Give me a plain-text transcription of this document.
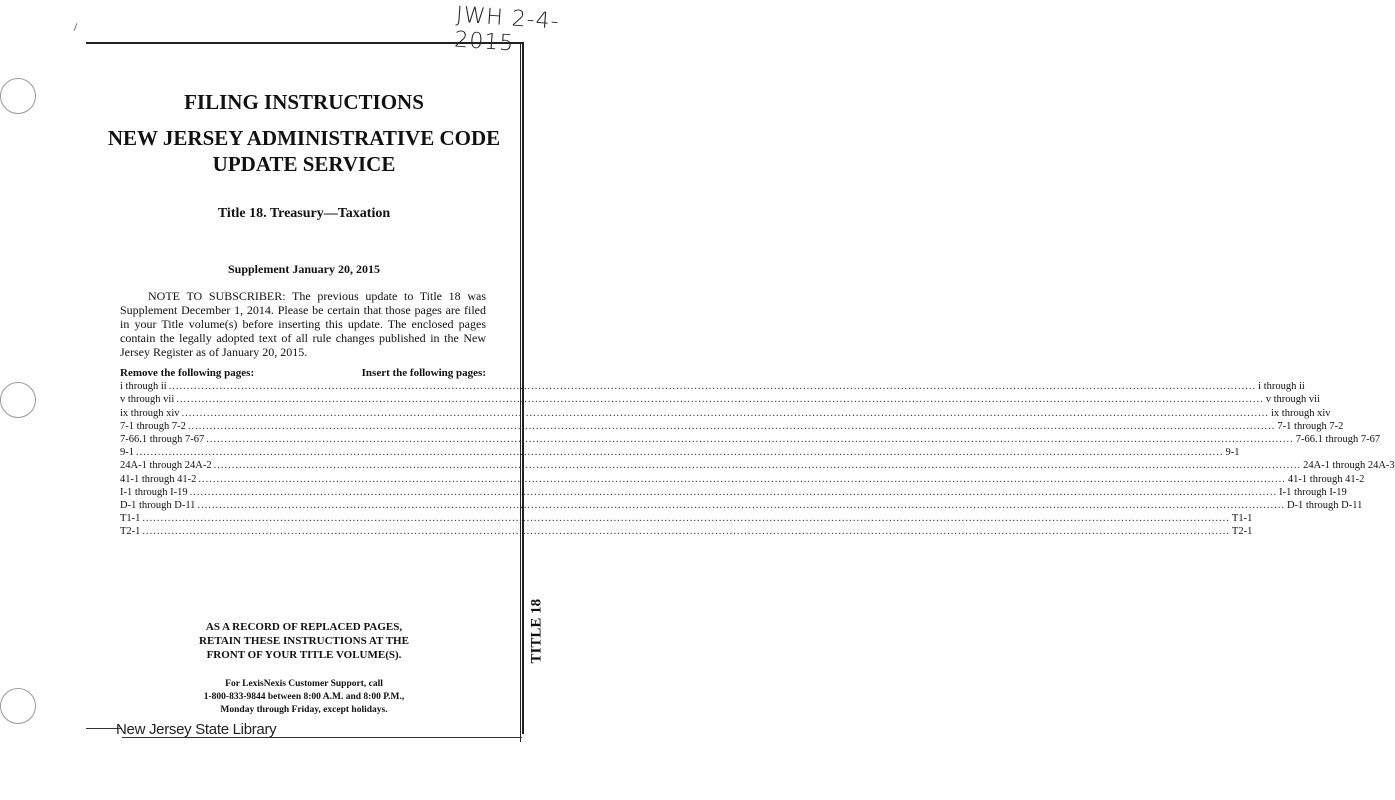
JWH 2-4-2015
FILING INSTRUCTIONS
NEW JERSEY ADMINISTRATIVE CODE
UPDATE SERVICE
Title 18. Treasury—Taxation
Supplement January 20, 2015
NOTE TO SUBSCRIBER: The previous update to Title 18 was Supplement December 1, 2014. Please be certain that those pages are filed in your Title volume(s) before inserting this update. The enclosed pages contain the legally adopted text of all rule changes published in the New Jersey Register as of January 20, 2015.
Remove the following pages:	Insert the following pages:
i through ii ............................................................................................................................................................................................................................................................................................................ i through ii
v through vii ............................................................................................................................................................................................................................................................................................................ v through vii
ix through xiv ............................................................................................................................................................................................................................................................................................................ ix through xiv
7-1 through 7-2 ............................................................................................................................................................................................................................................................................................................ 7-1 through 7-2
7-66.1 through 7-67 ............................................................................................................................................................................................................................................................................................................ 7-66.1 through 7-67
9-1 ............................................................................................................................................................................................................................................................................................................ 9-1
24A-1 through 24A-2 ............................................................................................................................................................................................................................................................................................................ 24A-1 through 24A-3
41-1 through 41-2 ............................................................................................................................................................................................................................................................................................................ 41-1 through 41-2
I-1 through I-19 ............................................................................................................................................................................................................................................................................................................ I-1 through I-19
D-1 through D-11 ............................................................................................................................................................................................................................................................................................................ D-1 through D-11
T1-1 ............................................................................................................................................................................................................................................................................................................ T1-1
T2-1 ............................................................................................................................................................................................................................................................................................................ T2-1
AS A RECORD OF REPLACED PAGES,
RETAIN THESE INSTRUCTIONS AT THE
FRONT OF YOUR TITLE VOLUME(S).
For LexisNexis Customer Support, call
1-800-833-9844 between 8:00 A.M. and 8:00 P.M.,
Monday through Friday, except holidays.
TITLE 18
New Jersey State Library
